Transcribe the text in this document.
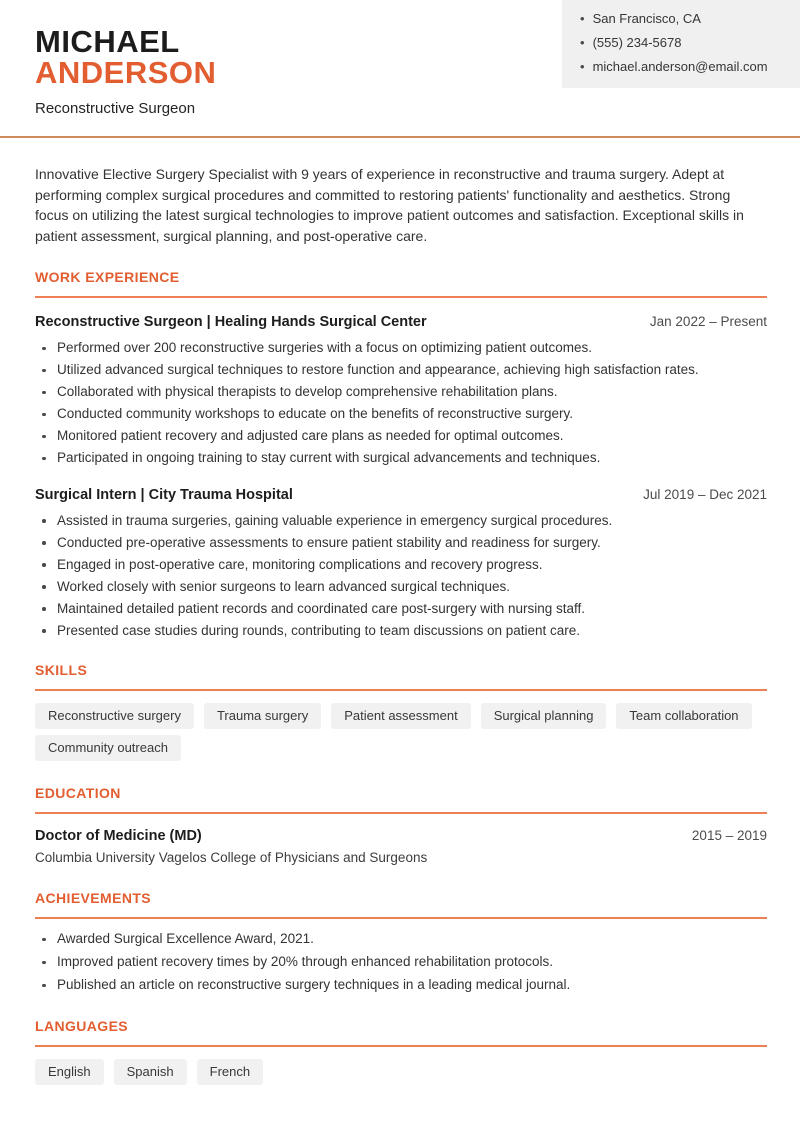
MICHAEL
ANDERSON
Reconstructive Surgeon
• San Francisco, CA
• (555) 234-5678
• michael.anderson@email.com
Innovative Elective Surgery Specialist with 9 years of experience in reconstructive and trauma surgery. Adept at performing complex surgical procedures and committed to restoring patients' functionality and aesthetics. Strong focus on utilizing the latest surgical technologies to improve patient outcomes and satisfaction. Exceptional skills in patient assessment, surgical planning, and post-operative care.
WORK EXPERIENCE
Reconstructive Surgeon | Healing Hands Surgical Center	Jan 2022 – Present
Performed over 200 reconstructive surgeries with a focus on optimizing patient outcomes.
Utilized advanced surgical techniques to restore function and appearance, achieving high satisfaction rates.
Collaborated with physical therapists to develop comprehensive rehabilitation plans.
Conducted community workshops to educate on the benefits of reconstructive surgery.
Monitored patient recovery and adjusted care plans as needed for optimal outcomes.
Participated in ongoing training to stay current with surgical advancements and techniques.
Surgical Intern | City Trauma Hospital	Jul 2019 – Dec 2021
Assisted in trauma surgeries, gaining valuable experience in emergency surgical procedures.
Conducted pre-operative assessments to ensure patient stability and readiness for surgery.
Engaged in post-operative care, monitoring complications and recovery progress.
Worked closely with senior surgeons to learn advanced surgical techniques.
Maintained detailed patient records and coordinated care post-surgery with nursing staff.
Presented case studies during rounds, contributing to team discussions on patient care.
SKILLS
Reconstructive surgery	Trauma surgery	Patient assessment	Surgical planning	Team collaboration
Community outreach
EDUCATION
Doctor of Medicine (MD)	2015 – 2019
Columbia University Vagelos College of Physicians and Surgeons
ACHIEVEMENTS
Awarded Surgical Excellence Award, 2021.
Improved patient recovery times by 20% through enhanced rehabilitation protocols.
Published an article on reconstructive surgery techniques in a leading medical journal.
LANGUAGES
English	Spanish	French
